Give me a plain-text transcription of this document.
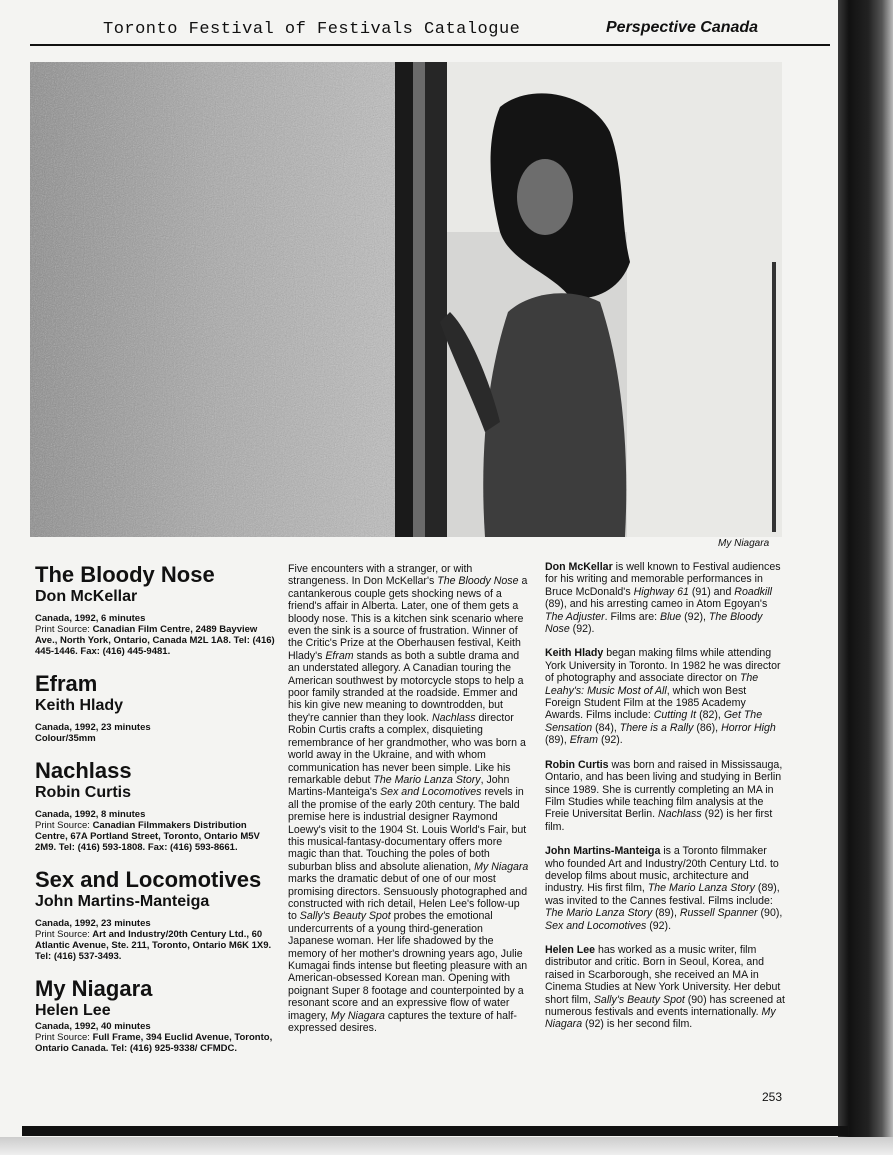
Toronto Festival of Festivals Catalogue	Perspective Canada
My Niagara
The Bloody Nose
Don McKellar
Canada, 1992, 6 minutes
Print Source: Canadian Film Centre, 2489 Bayview Ave., North York, Ontario, Canada M2L 1A8. Tel: (416) 445-1446. Fax: (416) 445-9481.
Efram
Keith Hlady
Canada, 1992, 23 minutes
Colour/35mm
Nachlass
Robin Curtis
Canada, 1992, 8 minutes
Print Source: Canadian Filmmakers Distribution Centre, 67A Portland Street, Toronto, Ontario M5V 2M9. Tel: (416) 593-1808. Fax: (416) 593-8661.
Sex and Locomotives
John Martins-Manteiga
Canada, 1992, 23 minutes
Print Source: Art and Industry/20th Century Ltd., 60 Atlantic Avenue, Ste. 211, Toronto, Ontario M6K 1X9. Tel: (416) 537-3493.
My Niagara
Helen Lee
Canada, 1992, 40 minutes
Print Source: Full Frame, 394 Euclid Avenue, Toronto, Ontario Canada. Tel: (416) 925-9338/ CFMDC.
Five encounters with a stranger, or with strangeness. In Don McKellar's The Bloody Nose a cantankerous couple gets shocking news of a friend's affair in Alberta. Later, one of them gets a bloody nose. This is a kitchen sink scenario where even the sink is a source of frustration. Winner of the Critic's Prize at the Oberhausen festival, Keith Hlady's Efram stands as both a subtle drama and an understated allegory. A Canadian touring the American southwest by motorcycle stops to help a poor family stranded at the roadside. Emmer and his kin give new meaning to downtrodden, but they're cannier than they look. Nachlass director Robin Curtis crafts a complex, disquieting remembrance of her grandmother, who was born a world away in the Ukraine, and with whom communication has never been simple. Like his remarkable debut The Mario Lanza Story, John Martins-Manteiga's Sex and Locomotives revels in all the promise of the early 20th century. The bald premise here is industrial designer Raymond Loewy's visit to the 1904 St. Louis World's Fair, but this musical-fantasy-documentary offers more magic than that. Touching the poles of both suburban bliss and absolute alienation, My Niagara marks the dramatic debut of one of our most promising directors. Sensuously photographed and constructed with rich detail, Helen Lee's follow-up to Sally's Beauty Spot probes the emotional undercurrents of a young third-generation Japanese woman. Her life shadowed by the memory of her mother's drowning years ago, Julie Kumagai finds intense but fleeting pleasure with an American-obsessed Korean man. Opening with poignant Super 8 footage and counterpointed by a resonant score and an expressive flow of water imagery, My Niagara captures the texture of half-expressed desires.
Don McKellar is well known to Festival audiences for his writing and memorable performances in Bruce McDonald's Highway 61 (91) and Roadkill (89), and his arresting cameo in Atom Egoyan's The Adjuster. Films are: Blue (92), The Bloody Nose (92).
Keith Hlady began making films while attending York University in Toronto. In 1982 he was director of photography and associate director on The Leahy's: Music Most of All, which won Best Foreign Student Film at the 1985 Academy Awards. Films include: Cutting It (82), Get The Sensation (84), There is a Rally (86), Horror High (89), Efram (92).
Robin Curtis was born and raised in Mississauga, Ontario, and has been living and studying in Berlin since 1989. She is currently completing an MA in Film Studies while teaching film analysis at the Freie Universitat Berlin. Nachlass (92) is her first film.
John Martins-Manteiga is a Toronto filmmaker who founded Art and Industry/20th Century Ltd. to develop films about music, architecture and industry. His first film, The Mario Lanza Story (89), was invited to the Cannes festival. Films include: The Mario Lanza Story (89), Russell Spanner (90), Sex and Locomotives (92).
Helen Lee has worked as a music writer, film distributor and critic. Born in Seoul, Korea, and raised in Scarborough, she received an MA in Cinema Studies at New York University. Her debut short film, Sally's Beauty Spot (90) has screened at numerous festivals and events internationally. My Niagara (92) is her second film.
253
